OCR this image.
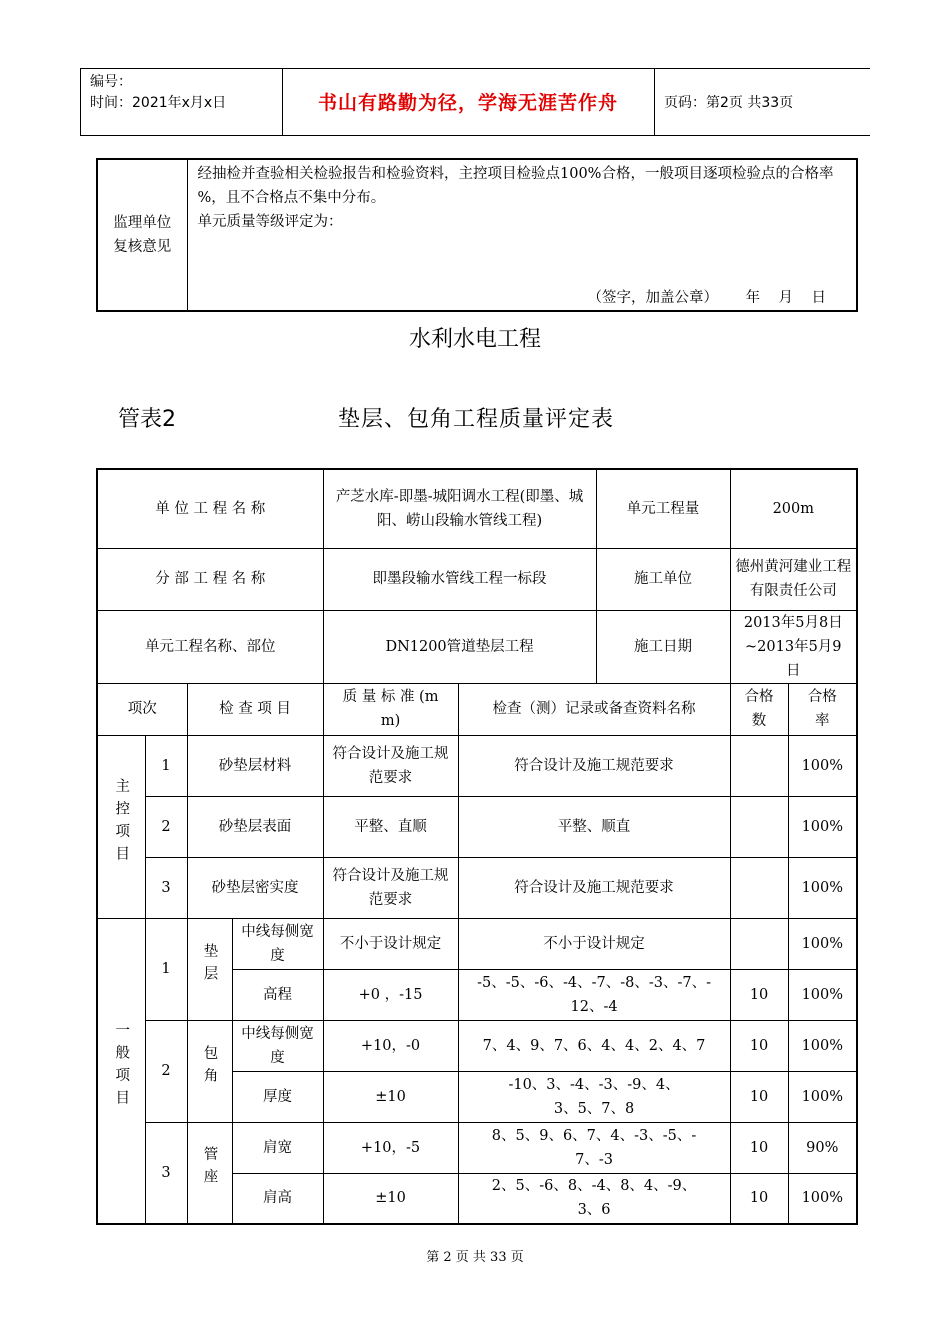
编号：
时间：2021年x月x日	书山有路勤为径，学海无涯苦作舟	页码：第2页 共33页
监理单位复核意见	
经抽检并查验相关检验报告和检验资料，主控项目检验点100%合格，一般项目逐项检验点的合格率 %，且不合格点不集中分布。
单元质量等级评定为：
（签字，加盖公章）      年    月    日
水利水电工程
管表2	垫层、包角工程质量评定表
单 位 工 程 名 称				产芝水库-即墨-城阳调水工程(即墨、城阳、崂山段输水管线工程)		单元工程量	200m	
分 部 工 程 名 称				即墨段输水管线工程一标段		施工单位	德州黄河建业工程有限责任公司	
单元工程名称、部位				DN1200管道垫层工程		施工日期	2013年5月8日~2013年5月9日	
项次		检 查 项 目		质 量 标 准 (mm)	检查（测）记录或备查资料名称		合格数	合格率
主控项目	1	砂垫层材料		符合设计及施工规范要求	符合设计及施工规范要求			100%
	2	砂垫层表面		平整、直顺	平整、顺直			100%
	3	砂垫层密实度		符合设计及施工规范要求	符合设计及施工规范要求			100%
一般项目	1	垫层	中线每侧宽度	不小于设计规定	不小于设计规定			100%
			高程	+0 ，-15	-5、-5、-6、-4、-7、-8、-3、-7、-12、-4		10	100%
	2	包角	中线每侧宽度	+10，-0	7、4、9、7、6、4、4、2、4、7		10	100%
			厚度	±10	-10、3、-4、-3、-9、4、3、5、7、8		10	100%
	3	管座	肩宽	+10，-5	8、5、9、6、7、4、-3、-5、-7、-3		10	90%
			肩高	±10	2、5、-6、8、-4、8、4、-9、3、6		10	100%
第 2 页 共 33 页
